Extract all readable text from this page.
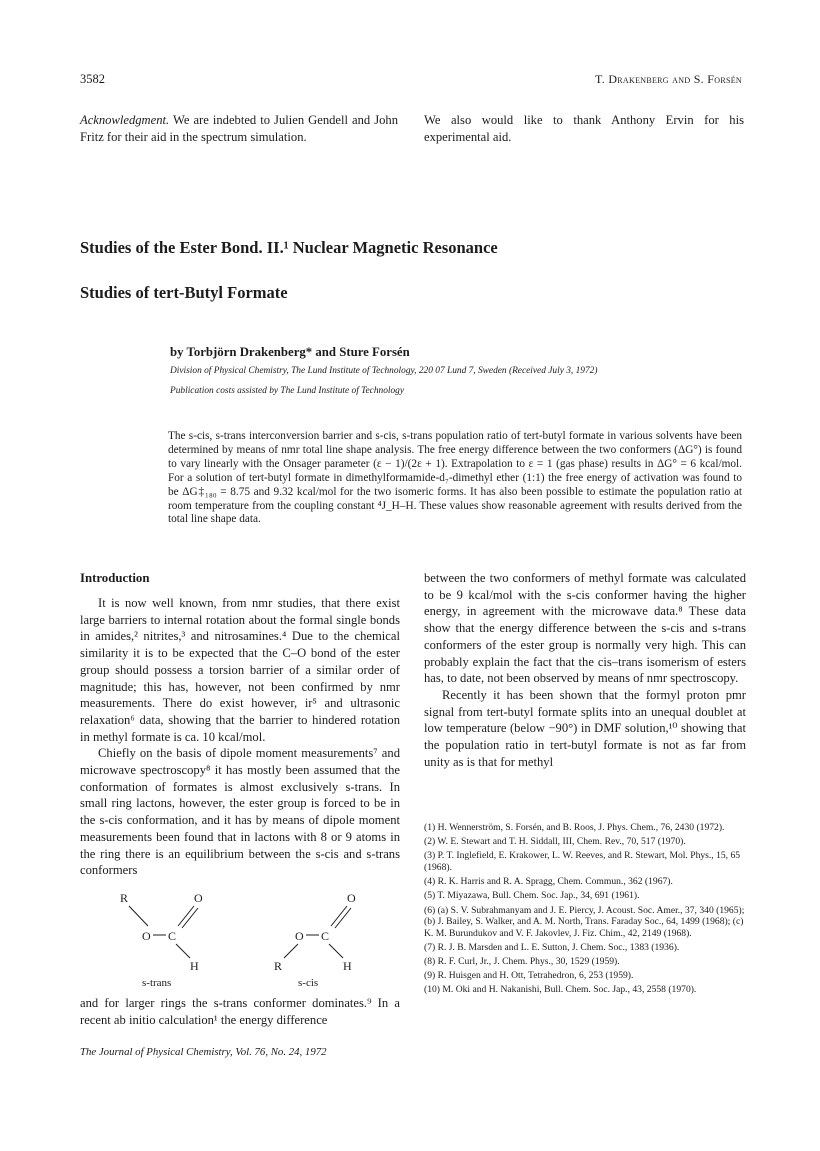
3582	T. Drakenberg and S. Forsén
Acknowledgment. We are indebted to Julien Gendell and John Fritz for their aid in the spectrum simulation.
We also would like to thank Anthony Ervin for his experimental aid.
Studies of the Ester Bond. II.¹ Nuclear Magnetic Resonance
Studies of tert-Butyl Formate
by Torbjörn Drakenberg* and Sture Forsén
Division of Physical Chemistry, The Lund Institute of Technology, 220 07 Lund 7, Sweden (Received July 3, 1972)
Publication costs assisted by The Lund Institute of Technology
The s-cis, s-trans interconversion barrier and s-cis, s-trans population ratio of tert-butyl formate in various solvents have been determined by means of nmr total line shape analysis. The free energy difference between the two conformers (ΔG°) is found to vary linearly with the Onsager parameter (ε − 1)/(2ε + 1). Extrapolation to ε = 1 (gas phase) results in ΔG° = 6 kcal/mol. For a solution of tert-butyl formate in dimethylformamide-d₇-dimethyl ether (1:1) the free energy of activation was found to be ΔG‡₁₈₀ = 8.75 and 9.32 kcal/mol for the two isomeric forms. It has also been possible to estimate the population ratio at room temperature from the coupling constant ⁴J_H–H. These values show reasonable agreement with results derived from the total line shape data.
Introduction

It is now well known, from nmr studies, that there exist large barriers to internal rotation about the formal single bonds in amides,² nitrites,³ and nitrosamines.⁴ Due to the chemical similarity it is to be expected that the C–O bond of the ester group should possess a torsion barrier of a similar order of magnitude; this has, however, not been confirmed by nmr measurements. There do exist however, ir⁵ and ultrasonic relaxation⁶ data, showing that the barrier to hindered rotation in methyl formate is ca. 10 kcal/mol.

Chiefly on the basis of dipole moment measurements⁷ and microwave spectroscopy⁸ it has mostly been assumed that the conformation of formates is almost exclusively s-trans. In small ring lactons, however, the ester group is forced to be in the s-cis conformation, and it has by means of dipole moment measurements been found that in lactons with 8 or 9 atoms in the ring there is an equilibrium between the s-cis and s-trans conformers

R	O
O C
H
s-trans
O
O C
R	H
s-cis

and for larger rings the s-trans conformer dominates.⁹ In a recent ab initio calculation¹ the energy difference

between the two conformers of methyl formate was calculated to be 9 kcal/mol with the s-cis conformer having the higher energy, in agreement with the microwave data.⁸ These data show that the energy difference between the s-cis and s-trans conformers of the ester group is normally very high. This can probably explain the fact that the cis–trans isomerism of esters has, to date, not been observed by means of nmr spectroscopy.

Recently it has been shown that the formyl proton pmr signal from tert-butyl formate splits into an unequal doublet at low temperature (below −90°) in DMF solution,¹⁰ showing that the population ratio in tert-butyl formate is not as far from unity as is that for methyl

(1) H. Wennerström, S. Forsén, and B. Roos, J. Phys. Chem., 76, 2430 (1972).
(2) W. E. Stewart and T. H. Siddall, III, Chem. Rev., 70, 517 (1970).
(3) P. T. Inglefield, E. Krakower, L. W. Reeves, and R. Stewart, Mol. Phys., 15, 65 (1968).
(4) R. K. Harris and R. A. Spragg, Chem. Commun., 362 (1967).
(5) T. Miyazawa, Bull. Chem. Soc. Jap., 34, 691 (1961).
(6) (a) S. V. Subrahmanyam and J. E. Piercy, J. Acoust. Soc. Amer., 37, 340 (1965); (b) J. Bailey, S. Walker, and A. M. North, Trans. Faraday Soc., 64, 1499 (1968); (c) K. M. Burundukov and V. F. Jakovlev, J. Fiz. Chim., 42, 2149 (1968).
(7) R. J. B. Marsden and L. E. Sutton, J. Chem. Soc., 1383 (1936).
(8) R. F. Curl, Jr., J. Chem. Phys., 30, 1529 (1959).
(9) R. Huisgen and H. Ott, Tetrahedron, 6, 253 (1959).
(10) M. Oki and H. Nakanishi, Bull. Chem. Soc. Jap., 43, 2558 (1970).
The Journal of Physical Chemistry, Vol. 76, No. 24, 1972
